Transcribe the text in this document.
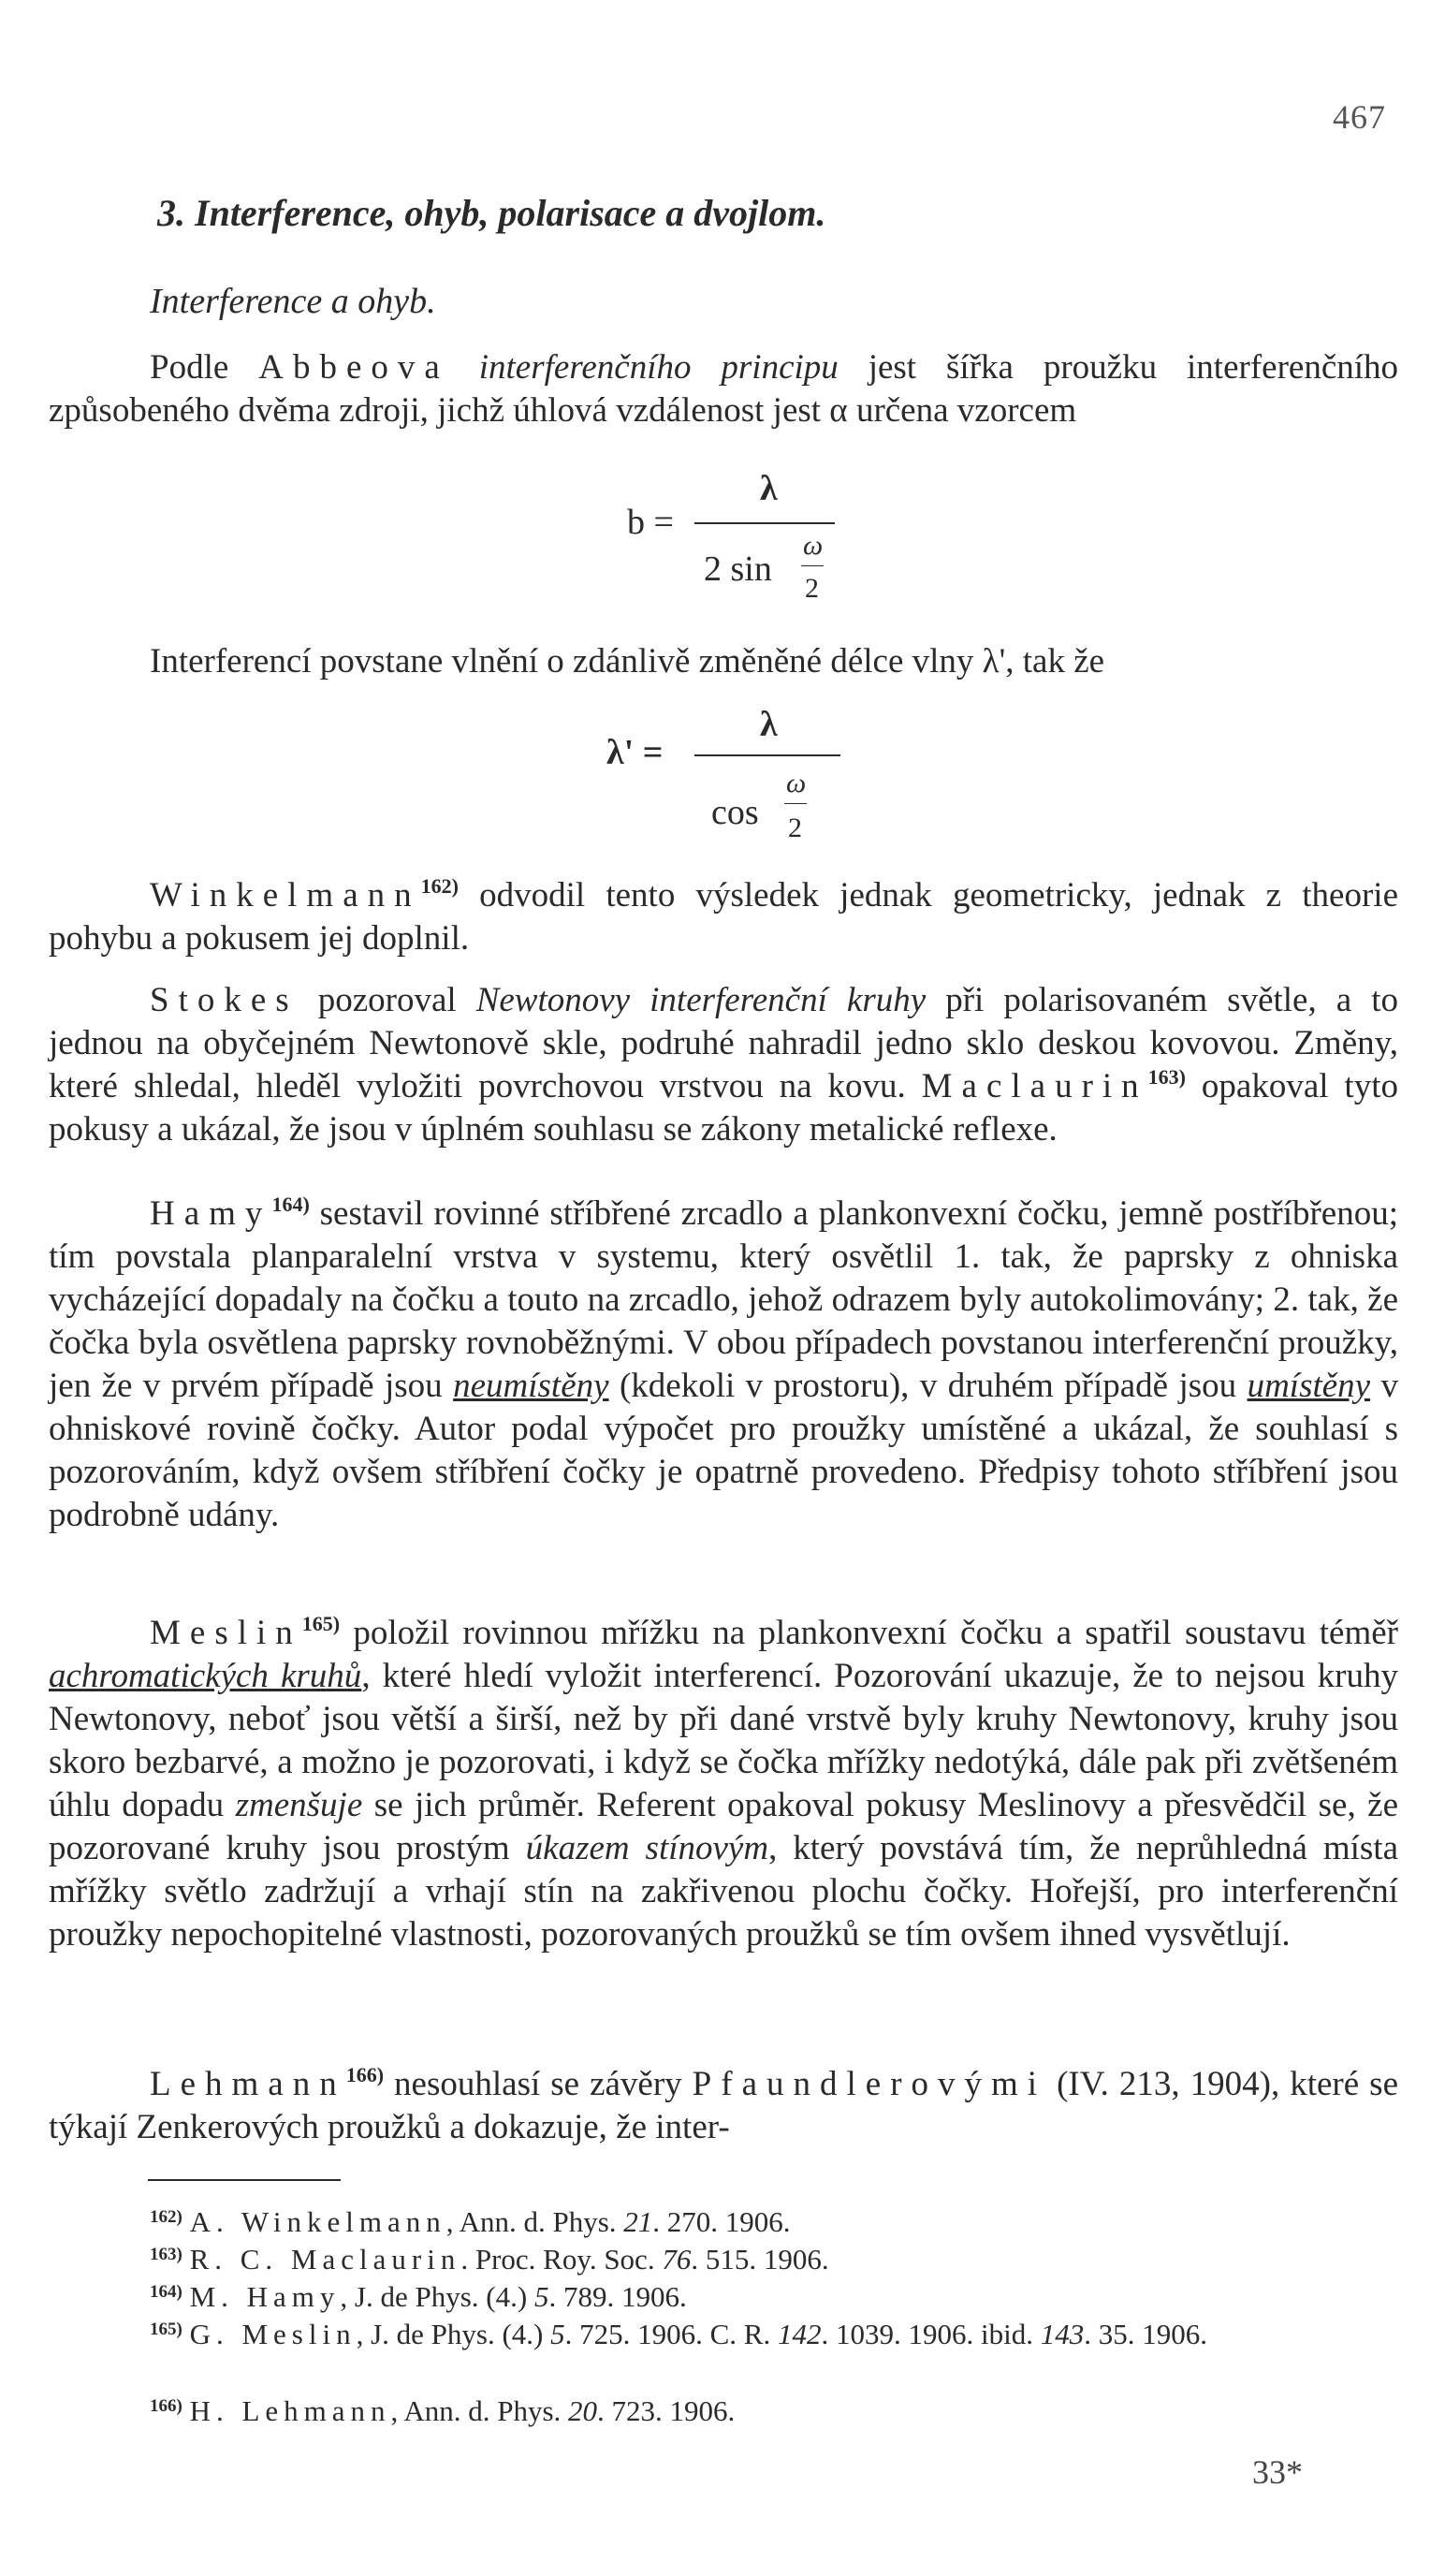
467
3. Interference, ohyb, polarisace a dvojlom.
Interference a ohyb.

Podle Abbeova interferenčního principu jest šířka proužku interferenčního způsobeného dvěma zdroji, jichž úhlová vzdálenost jest α určena vzorcem

b =
λ
2 sin
ω
2

Interferencí povstane vlnění o zdánlivě změněné délce vlny λ', tak že

λ' =
λ
cos
ω
2

Winkelmann$^{162)}$ odvodil tento výsledek jednak geometricky, jednak z theorie pohybu a pokusem jej doplnil.

Stokes pozoroval Newtonovy interferenční kruhy při polarisovaném světle, a to jednou na obyčejném Newtonově skle, podruhé nahradil jedno sklo deskou kovovou. Změny, které shledal, hleděl vyložiti povrchovou vrstvou na kovu. Maclaurin$^{163)}$ opakoval tyto pokusy a ukázal, že jsou v úplném souhlasu se zákony metalické reflexe.

Hamy$^{164)}$ sestavil rovinné stříbřené zrcadlo a plankonvexní čočku, jemně postříbřenou; tím povstala planparalelní vrstva v systemu, který osvětlil 1. tak, že paprsky z ohniska vycházející dopadaly na čočku a touto na zrcadlo, jehož odrazem byly autokolimovány; 2. tak, že čočka byla osvětlena paprsky rovnoběžnými. V obou případech povstanou interferenční proužky, jen že v prvém případě jsou neumístěny (kdekoli v prostoru), v druhém případě jsou umístěny v ohniskové rovině čočky. Autor podal výpočet pro proužky umístěné a ukázal, že souhlasí s pozorováním, když ovšem stříbření čočky je opatrně provedeno. Předpisy tohoto stříbření jsou podrobně udány.

Meslin$^{165)}$ položil rovinnou mřížku na plankonvexní čočku a spatřil soustavu téměř achromatických kruhů, které hledí vyložit interferencí. Pozorování ukazuje, že to nejsou kruhy Newtonovy, neboť jsou větší a širší, než by při dané vrstvě byly kruhy Newtonovy, kruhy jsou skoro bezbarvé, a možno je pozorovati, i když se čočka mřížky nedotýká, dále pak při zvětšeném úhlu dopadu zmenšuje se jich průměr. Referent opakoval pokusy Meslinovy a přesvědčil se, že pozorované kruhy jsou prostým úkazem stínovým, který povstává tím, že neprůhledná místa mřížky světlo zadržují a vrhají stín na zakřivenou plochu čočky. Hořejší, pro interferenční proužky nepochopitelné vlastnosti, pozorovaných proužků se tím ovšem ihned vysvětlují.

Lehmann$^{166)}$ nesouhlasí se závěry Pfaundlerovými (IV. 213, 1904), které se týkají Zenkerových proužků a dokazuje, že inter-

$^{162)}$ A. Winkelmann, Ann. d. Phys. 21. 270. 1906.

$^{163)}$ R. C. Maclaurin. Proc. Roy. Soc. 76. 515. 1906.

$^{164)}$ M. Hamy, J. de Phys. (4.) 5. 789. 1906.

$^{165)}$ G. Meslin, J. de Phys. (4.) 5. 725. 1906. C. R. 142. 1039. 1906. ibid. 143. 35. 1906.

$^{166)}$ H. Lehmann, Ann. d. Phys. 20. 723. 1906.

33*
